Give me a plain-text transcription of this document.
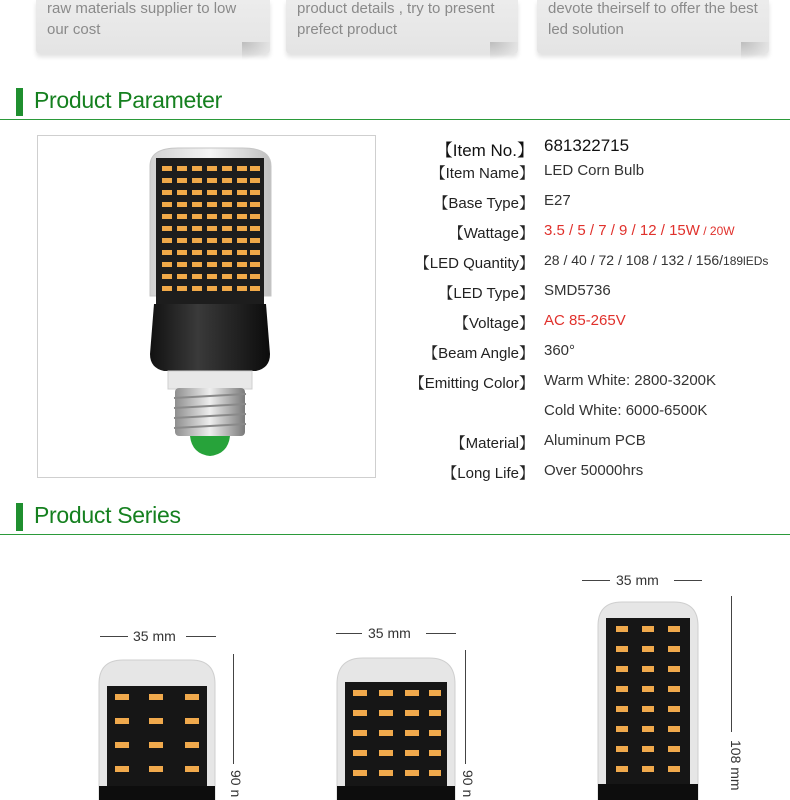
raw materials supplier to low our cost
product details , try to present prefect product
devote theirself to offer the best led solution
Product Parameter
【Item No.】 681322715
【Item Name】 LED Corn Bulb
【Base Type】 E27
【Wattage】 3.5 / 5 / 7 / 9 / 12 / 15W / 20W
【LED Quantity】 28 / 40 / 72 / 108 / 132 / 156/189lEDs
【LED Type】 SMD5736
【Voltage】 AC 85-265V
【Beam Angle】 360°
【Emitting Color】 Warm White: 2800-3200K
Cold White: 6000-6500K
【Material】 Aluminum PCB
【Long Life】 Over 50000hrs
Product Series
35 mm
90 n
35 mm
90 n
35 mm
108 mm
